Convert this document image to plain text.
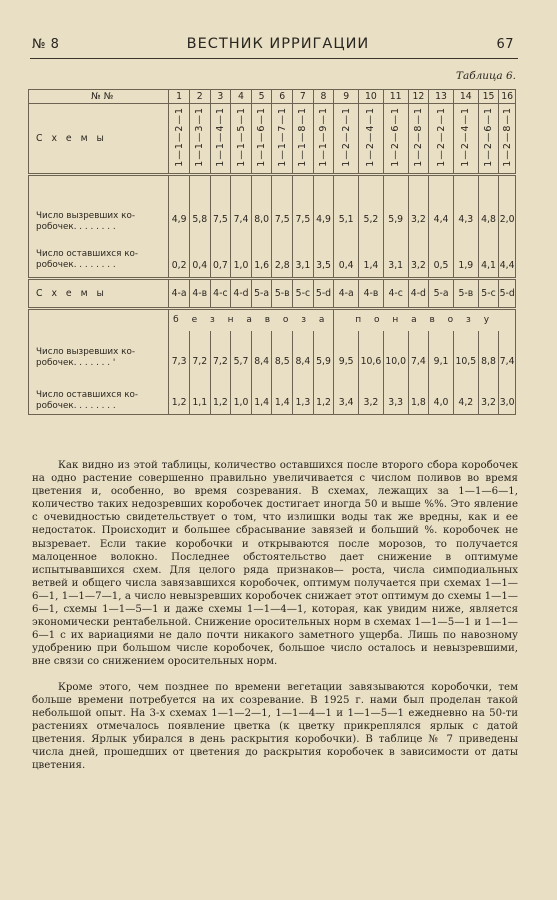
№ 8	ВЕСТНИК ИРРИГАЦИИ	67
Таблица 6.
№ №	1	2	3	4	5	6	7	8	9	10	11	12	13	14	15	16
С х е м ы	1—1—2—1	1—1—3—1	1—1—4—1	1—1—5—1	1—1—6—1	1—1—7—1	1—1—8—1	1—1—9—1	1—2—2—1	1—2—4—1	1—2—6—1	1—2—8—1	1—2—2—1	1—2—4—1	1—2—6—1	1—2—8—1

Число вызревших ко-
робочек. . . . . . . .	4,9	5,8	7,5	7,4	8,0	7,5	7,5	4,9	5,1	5,2	5,9	3,2	4,4	4,3	4,8	2,0

Число оставшихся ко-
робочек. . . . . . . .	0,2	0,4	0,7	1,0	1,6	2,8	3,1	3,5	0,4	1,4	3,1	3,2	0,5	1,9	4,1	4,4
С х е м ы	4-а	4-в	4-с	4-d	5-а	5-в	5-с	5-d	4-а	4-в	4-с	4-d	5-а	5-в	5-с	5-d
	б е з н а в о з а								п о н а в о з у							

Число вызревших ко-
робочек. . . . . . . '	7,3	7,2	7,2	5,7	8,4	8,5	8,4	5,9	9,5	10,6	10,0	7,4	9,1	10,5	8,8	7,4

Число оставшихся ко-
робочек. . . . . . . .	1,2	1,1	1,2	1,0	1,4	1,4	1,3	1,2	3,4	3,2	3,3	1,8	4,0	4,2	3,2	3,0

Как видно из этой таблицы, количество оставшихся после второго сбора коробочек на одно растение совершенно правильно увеличивается с числом поливов во время цветения и, особенно, во время созревания. В схемах, лежащих за 1—1—6—1, количество таких недозревших коробочек достигает иногда 50 и выше %%. Это явление с очевидностью свидетельствует о том, что излишки воды так же вредны, как и ее недостаток. Происходит и большее сбрасывание завязей и больший %. коробочек не вызревает. Если такие коробочки и открываются после морозов, то получается малоценное волокно. Последнее обстоятельство дает снижение в оптимуме испытывавшихся схем. Для целого ряда признаков— роста, числа симподиальных ветвей и общего числа завязавшихся коробочек, оптимум получается при схемах 1—1—6—1, 1—1—7—1, а число невызревших коробочек снижает этот оптимум до схемы 1—1—6—1, схемы 1—1—5—1 и даже схемы 1—1—4—1, которая, как увидим ниже, является экономически рентабельной. Снижение оросительных норм в схемах 1—1—5—1 и 1—1—6—1 с их вариациями не дало почти никакого заметного ущерба. Лишь по навозному удобрению при большом числе коробочек, большое число осталось и невызревшими, вне связи со снижением оросительных норм.

Кроме этого, чем позднее по времени вегетации завязываются коробочки, тем больше времени потребуется на их созревание. В 1925 г. нами был проделан такой небольшой опыт. На 3-х схемах 1—1—2—1, 1—1—4—1 и 1—1—5—1 ежедневно на 50-ти растениях отмечалось появление цветка (к цветку прикреплялся ярлык с датой цветения. Ярлык убирался в день раскрытия коробочки). В таблице № 7 приведены числа дней, прошедших от цветения до раскрытия коробочек в зависимости от даты цветения.
